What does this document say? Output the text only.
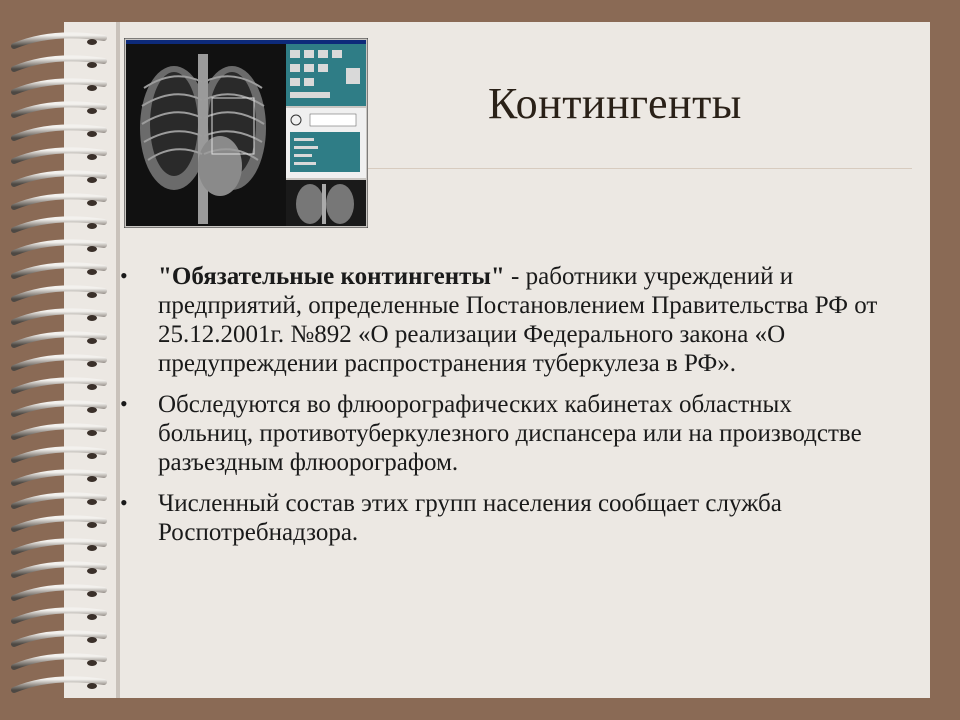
Контингенты
• "Обязательные контингенты" - работники учреждений и предприятий, определенные Постановлением Правительства РФ от 25.12.2001г. №892 «О реализации Федерального закона «О предупреждении распространения туберкулеза в РФ».
• Обследуются во флюорографических кабинетах областных больниц, противотуберкулезного диспансера или на производстве разъездным флюорографом.
• Численный состав этих групп населения сообщает служба Роспотребнадзора.
